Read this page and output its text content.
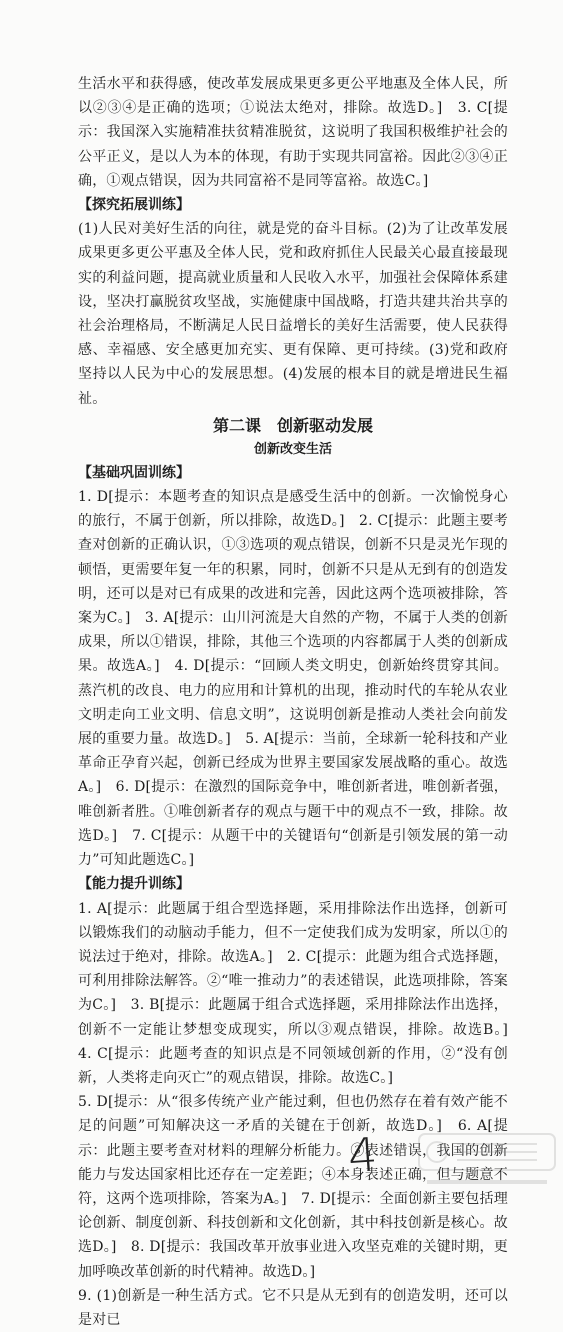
生活水平和获得感，使改革发展成果更多更公平地惠及全体人民，所以②③④是正确的选项；①说法太绝对，排除。故选D。]　3. C[提示：我国深入实施精准扶贫精准脱贫，这说明了我国积极维护社会的公平正义，是以人为本的体现，有助于实现共同富裕。因此②③④正确，①观点错误，因为共同富裕不是同等富裕。故选C。]

【探究拓展训练】

(1)人民对美好生活的向往，就是党的奋斗目标。(2)为了让改革发展成果更多更公平惠及全体人民，党和政府抓住人民最关心最直接最现实的利益问题，提高就业质量和人民收入水平，加强社会保障体系建设，坚决打赢脱贫攻坚战，实施健康中国战略，打造共建共治共享的社会治理格局，不断满足人民日益增长的美好生活需要，使人民获得感、幸福感、安全感更加充实、更有保障、更可持续。(3)党和政府坚持以人民为中心的发展思想。(4)发展的根本目的就是增进民生福祉。

第二课　创新驱动发展
创新改变生活
【基础巩固训练】

1. D[提示：本题考查的知识点是感受生活中的创新。一次愉悦身心的旅行，不属于创新，所以排除，故选D。]　2. C[提示：此题主要考查对创新的正确认识，①③选项的观点错误，创新不只是灵光乍现的顿悟，更需要年复一年的积累，同时，创新不只是从无到有的创造发明，还可以是对已有成果的改进和完善，因此这两个选项被排除，答案为C。]　3. A[提示：山川河流是大自然的产物，不属于人类的创新成果，所以①错误，排除，其他三个选项的内容都属于人类的创新成果。故选A。]　4. D[提示：“回顾人类文明史，创新始终贯穿其间。蒸汽机的改良、电力的应用和计算机的出现，推动时代的车轮从农业文明走向工业文明、信息文明”，这说明创新是推动人类社会向前发展的重要力量。故选D。]　5. A[提示：当前，全球新一轮科技和产业革命正孕育兴起，创新已经成为世界主要国家发展战略的重心。故选A。]　6. D[提示：在激烈的国际竞争中，唯创新者进，唯创新者强，唯创新者胜。①唯创新者存的观点与题干中的观点不一致，排除。故选D。]　7. C[提示：从题干中的关键语句“创新是引领发展的第一动力”可知此题选C。]

【能力提升训练】

1. A[提示：此题属于组合型选择题，采用排除法作出选择，创新可以锻炼我们的动脑动手能力，但不一定使我们成为发明家，所以①的说法过于绝对，排除。故选A。]　2. C[提示：此题为组合式选择题，可利用排除法解答。②“唯一推动力”的表述错误，此选项排除，答案为C。]　3. B[提示：此题属于组合式选择题，采用排除法作出选择，创新不一定能让梦想变成现实，所以③观点错误，排除。故选B。]　4. C[提示：此题考查的知识点是不同领域创新的作用，②“没有创新，人类将走向灭亡”的观点错误，排除。故选C。]

5. D[提示：从“很多传统产业产能过剩，但也仍然存在着有效产能不足的问题”可知解决这一矛盾的关键在于创新，故选D。]　6. A[提示：此题主要考查对材料的理解分析能力。③表述错误，我国的创新能力与发达国家相比还存在一定差距；④本身表述正确，但与题意不符，这两个选项排除，答案为A。]　7. D[提示：全面创新主要包括理论创新、制度创新、科技创新和文化创新，其中科技创新是核心。故选D。]　8. D[提示：我国改革开放事业进入攻坚克难的关键时期，更加呼唤改革创新的时代精神。故选D。]

9. (1)创新是一种生活方式。它不只是从无到有的创造发明，还可以是对已

4
